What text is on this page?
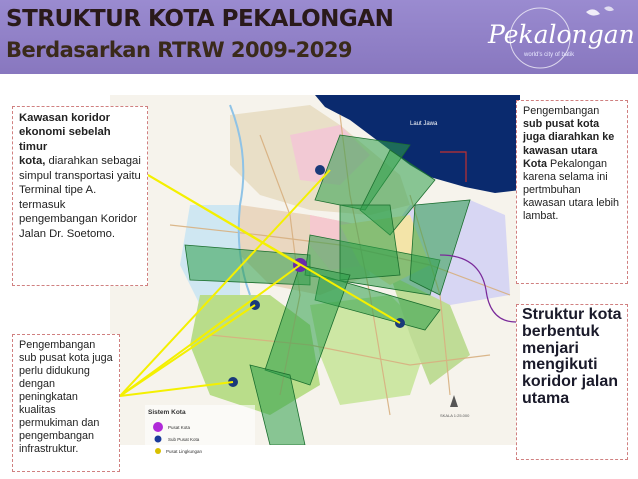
STRUKTUR KOTA PEKALONGAN
Berdasarkan RTRW 2009-2029
Pekalongan
world's city of batik
Laut Jawa
Sistem Kota
Pusat Kota
Sub Pusat Kota
SKALA 1:25.000
Pusat Lingkungan
Kawasan koridor ekonomi sebelah timur
kota, diarahkan sebagai simpul transportasi yaitu Terminal tipe A. termasuk pengembangan Koridor Jalan Dr. Soetomo.
Pengembangan sub pusat kota juga perlu didukung dengan peningkatan kualitas permukiman dan pengembangan infrastruktur.
Pengembangan
sub pusat kota juga diarahkan ke kawasan utara Kota Pekalongan karena selama ini pertmbuhan kawasan utara lebih lambat.
Struktur kota berbentuk menjari mengikuti koridor jalan utama
